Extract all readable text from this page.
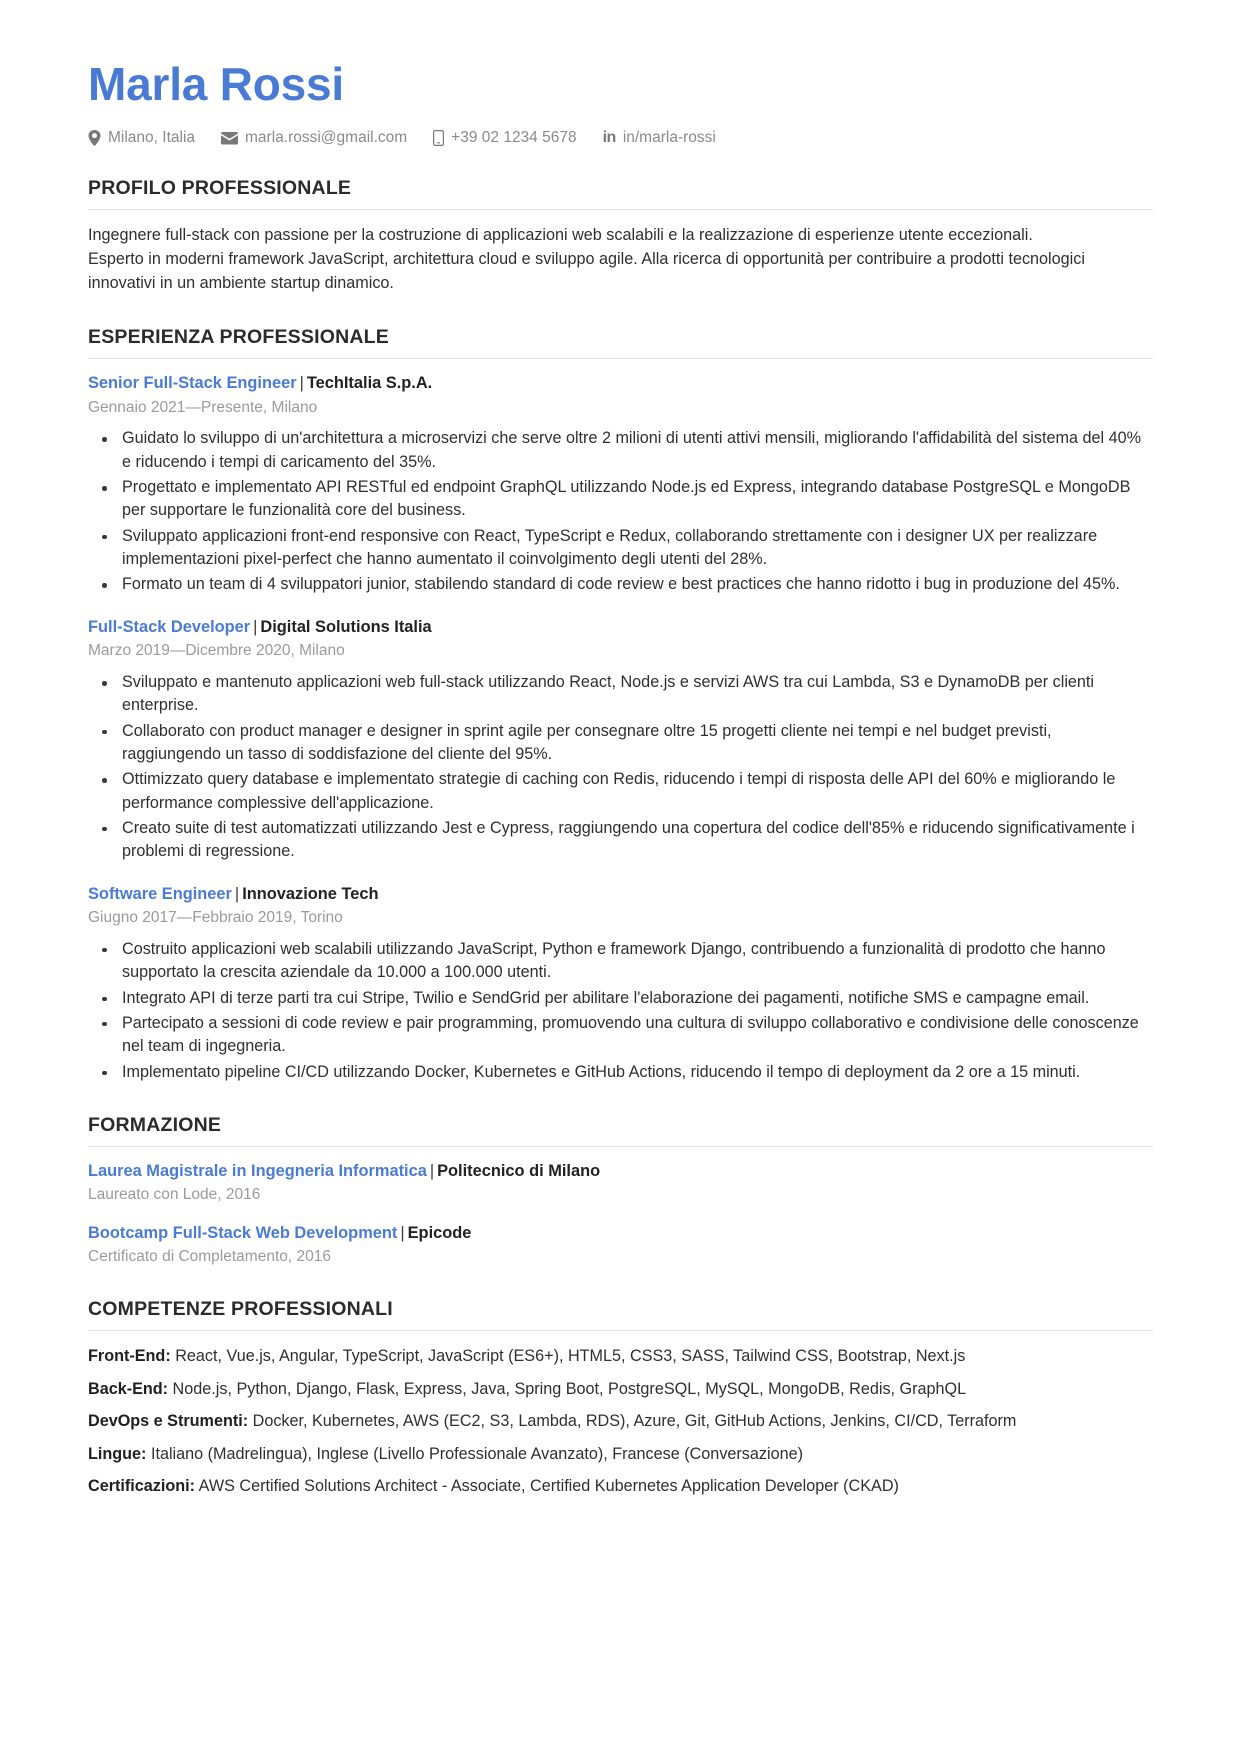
Marla Rossi
Milano, Italia	marla.rossi@gmail.com	+39 02 1234 5678 in in/marla-rossi
PROFILO PROFESSIONALE

Ingegnere full-stack con passione per la costruzione di applicazioni web scalabili e la realizzazione di esperienze utente eccezionali. Esperto in moderni framework JavaScript, architettura cloud e sviluppo agile. Alla ricerca di opportunità per contribuire a prodotti tecnologici innovativi in un ambiente startup dinamico.

ESPERIENZA PROFESSIONALE

Senior Full-Stack Engineer | TechItalia S.p.A.

Gennaio 2021—Presente, Milano

Guidato lo sviluppo di un'architettura a microservizi che serve oltre 2 milioni di utenti attivi mensili, migliorando l'affidabilità del sistema del 40% e riducendo i tempi di caricamento del 35%.
Progettato e implementato API RESTful ed endpoint GraphQL utilizzando Node.js ed Express, integrando database PostgreSQL e MongoDB per supportare le funzionalità core del business.
Sviluppato applicazioni front-end responsive con React, TypeScript e Redux, collaborando strettamente con i designer UX per realizzare implementazioni pixel-perfect che hanno aumentato il coinvolgimento degli utenti del 28%.
Formato un team di 4 sviluppatori junior, stabilendo standard di code review e best practices che hanno ridotto i bug in produzione del 45%.

Full-Stack Developer | Digital Solutions Italia

Marzo 2019—Dicembre 2020, Milano

Sviluppato e mantenuto applicazioni web full-stack utilizzando React, Node.js e servizi AWS tra cui Lambda, S3 e DynamoDB per clienti enterprise.
Collaborato con product manager e designer in sprint agile per consegnare oltre 15 progetti cliente nei tempi e nel budget previsti, raggiungendo un tasso di soddisfazione del cliente del 95%.
Ottimizzato query database e implementato strategie di caching con Redis, riducendo i tempi di risposta delle API del 60% e migliorando le performance complessive dell'applicazione.
Creato suite di test automatizzati utilizzando Jest e Cypress, raggiungendo una copertura del codice dell'85% e riducendo significativamente i problemi di regressione.

Software Engineer | Innovazione Tech

Giugno 2017—Febbraio 2019, Torino

Costruito applicazioni web scalabili utilizzando JavaScript, Python e framework Django, contribuendo a funzionalità di prodotto che hanno supportato la crescita aziendale da 10.000 a 100.000 utenti.
Integrato API di terze parti tra cui Stripe, Twilio e SendGrid per abilitare l'elaborazione dei pagamenti, notifiche SMS e campagne email.
Partecipato a sessioni di code review e pair programming, promuovendo una cultura di sviluppo collaborativo e condivisione delle conoscenze nel team di ingegneria.
Implementato pipeline CI/CD utilizzando Docker, Kubernetes e GitHub Actions, riducendo il tempo di deployment da 2 ore a 15 minuti.
FORMAZIONE

Laurea Magistrale in Ingegneria Informatica | Politecnico di Milano

Laureato con Lode, 2016

Bootcamp Full-Stack Web Development | Epicode

Certificato di Completamento, 2016

COMPETENZE PROFESSIONALI

Front-End: React, Vue.js, Angular, TypeScript, JavaScript (ES6+), HTML5, CSS3, SASS, Tailwind CSS, Bootstrap, Next.js

Back-End: Node.js, Python, Django, Flask, Express, Java, Spring Boot, PostgreSQL, MySQL, MongoDB, Redis, GraphQL

DevOps e Strumenti: Docker, Kubernetes, AWS (EC2, S3, Lambda, RDS), Azure, Git, GitHub Actions, Jenkins, CI/CD, Terraform

Lingue: Italiano (Madrelingua), Inglese (Livello Professionale Avanzato), Francese (Conversazione)

Certificazioni: AWS Certified Solutions Architect - Associate, Certified Kubernetes Application Developer (CKAD)
